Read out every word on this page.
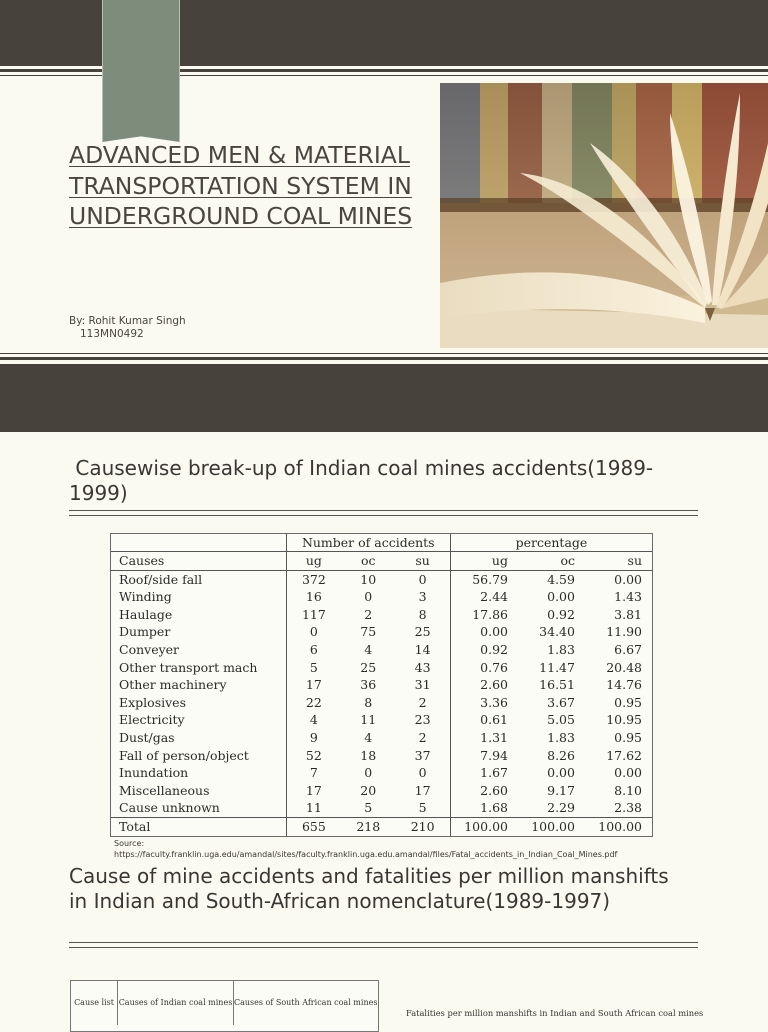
ADVANCED MEN & MATERIAL TRANSPORTATION SYSTEM IN UNDERGROUND COAL MINES
By: Rohit Kumar Singh
113MN0492
Causewise break-up of Indian coal mines accidents(1989-1999)
	Number of accidents			percentage		
Causes	ug	oc	su	ug	oc	su
Roof/side fall	372	10	0	56.79	4.59	0.00
Winding	16	0	3	2.44	0.00	1.43
Haulage	117	2	8	17.86	0.92	3.81
Dumper	0	75	25	0.00	34.40	11.90
Conveyer	6	4	14	0.92	1.83	6.67
Other transport mach	5	25	43	0.76	11.47	20.48
Other machinery	17	36	31	2.60	16.51	14.76
Explosives	22	8	2	3.36	3.67	0.95
Electricity	4	11	23	0.61	5.05	10.95
Dust/gas	9	4	2	1.31	1.83	0.95
Fall of person/object	52	18	37	7.94	8.26	17.62
Inundation	7	0	0	1.67	0.00	0.00
Miscellaneous	17	20	17	2.60	9.17	8.10
Cause unknown	11	5	5	1.68	2.29	2.38
Total	655	218	210	100.00	100.00	100.00
Source:
https://faculty.franklin.uga.edu/amandal/sites/faculty.franklin.uga.edu.amandal/files/Fatal_accidents_in_Indian_Coal_Mines.pdf
Cause of mine accidents and fatalities per million manshifts in Indian and South-African nomenclature(1989-1997)
Cause list Causes of Indian coal mines Causes of South African coal mines
Fatalities per million manshifts in Indian and South African coal mines
